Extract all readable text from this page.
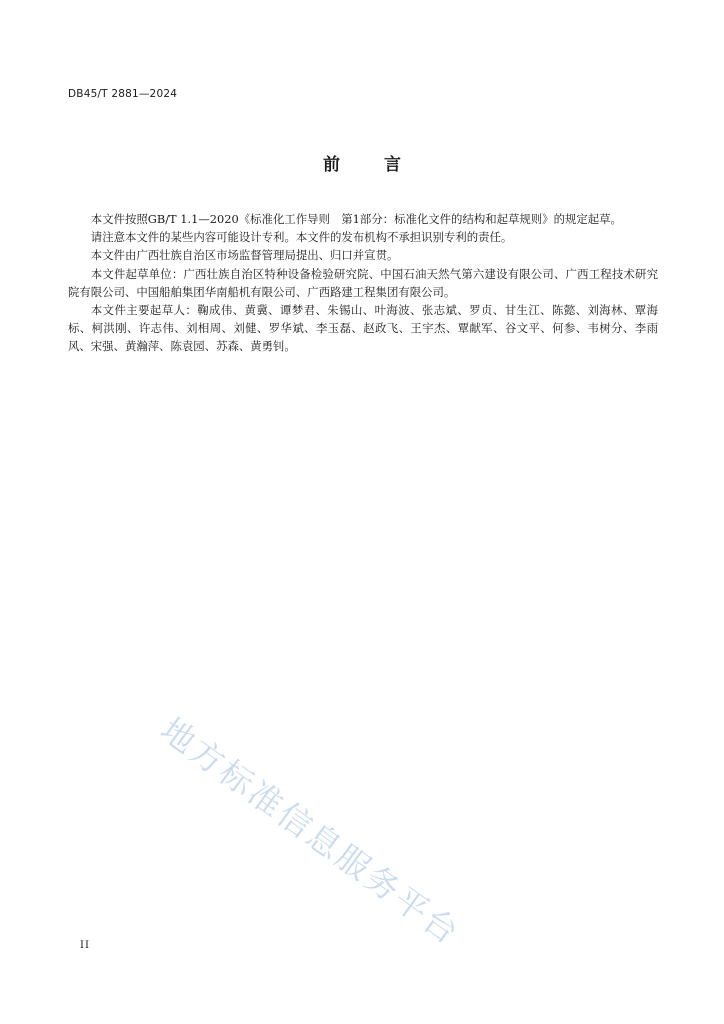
DB45/T 2881—2024
前	言

本文件按照GB/T 1.1—2020《标准化工作导则　第1部分：标准化文件的结构和起草规则》的规定起草。

请注意本文件的某些内容可能设计专利。本文件的发布机构不承担识别专利的责任。

本文件由广西壮族自治区市场监督管理局提出、归口并宣贯。

本文件起草单位：广西壮族自治区特种设备检验研究院、中国石油天然气第六建设有限公司、广西工程技术研究院有限公司、中国船舶集团华南船机有限公司、广西路建工程集团有限公司。

本文件主要起草人：鞠成伟、黄冀、谭梦君、朱锡山、叶海波、张志斌、罗贞、甘生江、陈懿、刘海林、覃海标、柯洪刚、许志伟、刘相周、刘健、罗华斌、李玉磊、赵政飞、王宇杰、覃献军、谷文平、何参、韦树分、李雨风、宋强、黄瀚萍、陈袁园、苏森、黄勇钊。

地方标准信息服务平台
II
